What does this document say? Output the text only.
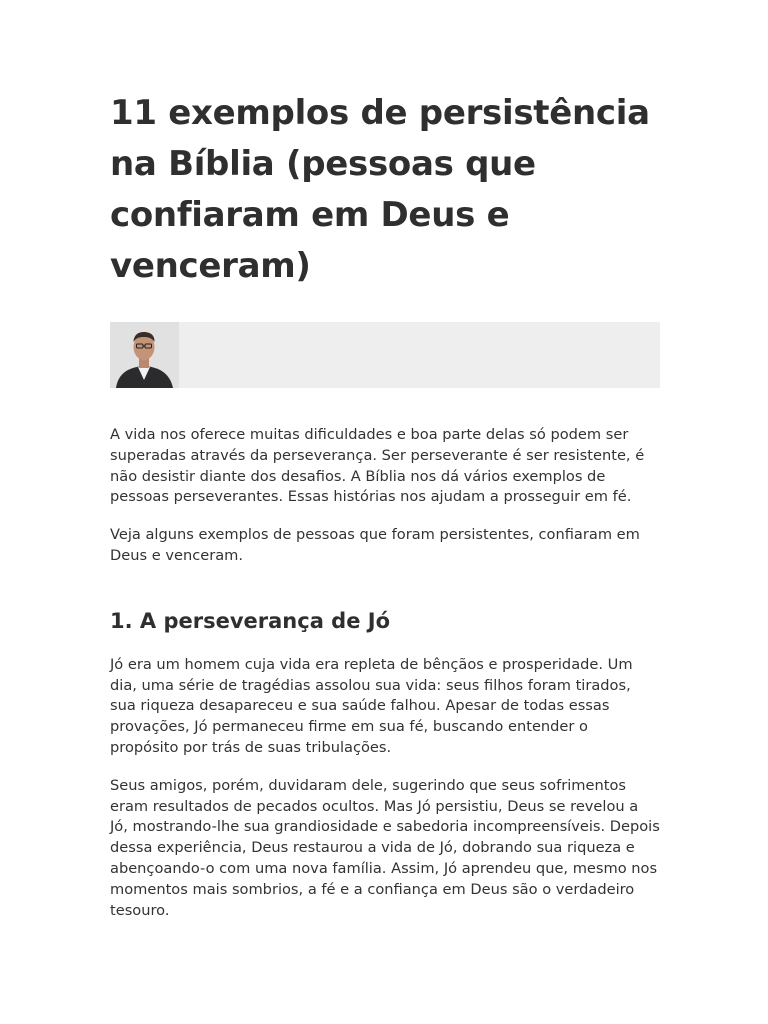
11 exemplos de persistência na Bíblia (pessoas que confiaram em Deus e venceram)

A vida nos oferece muitas dificuldades e boa parte delas só podem ser superadas através da perseverança. Ser perseverante é ser resistente, é não desistir diante dos desafios. A Bíblia nos dá vários exemplos de pessoas perseverantes. Essas histórias nos ajudam a prosseguir em fé.

Veja alguns exemplos de pessoas que foram persistentes, confiaram em Deus e venceram.

1. A perseverança de Jó

Jó era um homem cuja vida era repleta de bênçãos e prosperidade. Um dia, uma série de tragédias assolou sua vida: seus filhos foram tirados, sua riqueza desapareceu e sua saúde falhou. Apesar de todas essas provações, Jó permaneceu firme em sua fé, buscando entender o propósito por trás de suas tribulações.

Seus amigos, porém, duvidaram dele, sugerindo que seus sofrimentos eram resultados de pecados ocultos. Mas Jó persistiu, Deus se revelou a Jó, mostrando-lhe sua grandiosidade e sabedoria incompreensíveis. Depois dessa experiência, Deus restaurou a vida de Jó, dobrando sua riqueza e abençoando-o com uma nova família. Assim, Jó aprendeu que, mesmo nos momentos mais sombrios, a fé e a confiança em Deus são o verdadeiro tesouro.
